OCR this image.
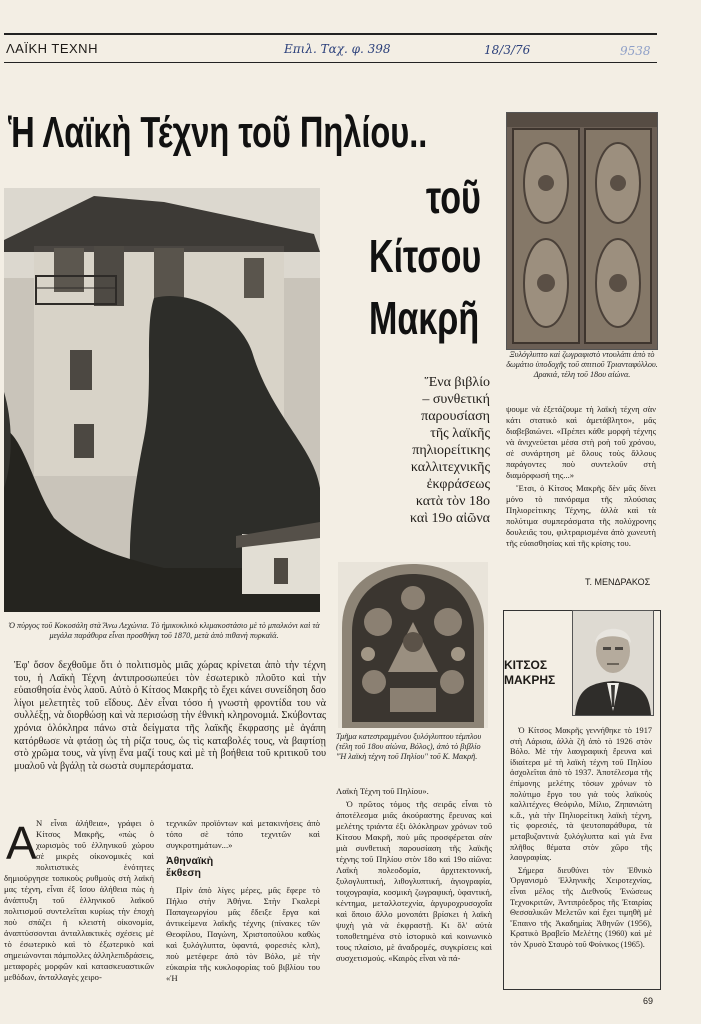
ΛΑΪΚΗ ΤΕΧΝΗ	Επιλ. Ταχ. φ. 398	18/3/76	9538
Ἡ Λαϊκὴ Τέχνη τοῦ Πηλίου..
τοῦ
Κίτσου
Μακρῆ
Ὁ πύργος τοῦ Κοκοσάλη στὰ Ἄνω Λεχώνια. Τὸ ἡμικυκλικὸ κλιμακοστάσιο μὲ τὸ μπαλκόνι καὶ τὰ μεγάλα παράθυρα εἶναι προσθήκη τοῦ 1870, μετὰ ἀπὸ πιθανὴ πυρκαϊά.
Ξυλόγλυπτο καὶ ζωγραφιστὸ ντουλάπι ἀπὸ τὸ δωμάτιο ὑποδοχῆς τοῦ σπιτιοῦ Τριανταφύλλου. Δρακιά, τέλη τοῦ 18ου αἰώνα.
Ἕνα βιβλίο
– συνθετική
παρουσίαση
τῆς λαϊκῆς
πηλιορείτικης
καλλιτεχνικῆς
ἐκφράσεως
κατὰ τὸν 18ο
καὶ 19ο αἰῶνα

ψουμε νὰ ἐξετάζουμε τὴ λαϊκὴ τέχνη σὰν κάτι στατικὸ καὶ ἀμετάβλητο», μᾶς διαβεβαιώνει. «Πρέπει κάθε μορφὴ τέχνης νὰ ἀνιχνεύεται μέσα στὴ ροὴ τοῦ χρόνου, σὲ συνάρτηση μὲ ὅλους τοὺς ἄλλους παράγοντες ποὺ συντελοῦν στὴ διαμόρφωσή της...»

Ἔτσι, ὁ Κίτσος Μακρῆς δὲν μᾶς δίνει μόνο τὸ πανόραμα τῆς πλούσιας Πηλιορείτικης Τέχνης, ἀλλὰ καὶ τὰ πολύτιμα συμπεράσματα τῆς πολύχρονης δουλειᾶς του, φιλτραρισμένα ἀπὸ χωνευτὴ τῆς εὐαισθησίας καὶ τῆς κρίσης του.

Τ. ΜΕΝΔΡΑΚΟΣ
Τμῆμα κατεστραμμένου ξυλόγλυπτου τέμπλου (τέλη τοῦ 18ου αἰώνα, Βόλος), ἀπὸ τὸ βιβλίο "Ἡ λαϊκὴ τέχνη τοῦ Πηλίου" τοῦ Κ. Μακρῆ.
Ἐφ' ὅσον δεχθοῦμε ὅτι ὁ πολιτισμὸς μιᾶς χώρας κρίνεται ἀπὸ τὴν τέχνη του, ἡ Λαϊκὴ Τέχνη ἀντιπροσωπεύει τὸν ἐσωτερικὸ πλοῦτο καὶ τὴν εὐαισθησία ἑνὸς λαοῦ. Αὐτὸ ὁ Κίτσος Μακρῆς τὸ ἔχει κάνει συνείδηση δσο λίγοι μελετητὲς τοῦ εἴδους. Δὲν εἶναι τόσο ἡ γνωστὴ φροντίδα του νὰ συλλέξῃ, νὰ διορθώσῃ καὶ νὰ περισώσῃ τὴν ἐθνικὴ κληρονομιά. Σκύβοντας χρόνια ὁλόκληρα πάνω στὰ δείγματα τῆς λαϊκῆς ἔκφρασης μὲ ἀγάπη κατόρθωσε νὰ φτάσῃ ὡς τὴ ρίζα τους, ὡς τὶς καταβολές τους, νὰ βαφτίσῃ στὸ χρῶμα τους, νὰ γίνῃ ἕνα μαζί τους καὶ μὲ τὴ βοήθεια τοῦ κριτικοῦ του μυαλοῦ νὰ βγάλῃ τὰ σωστὰ συμπεράσματα.
Α Ν εἶναι ἀλήθεια», γράφει ὁ Κίτσος Μακρῆς, «πὼς ὁ χωρισμὸς τοῦ ἑλληνικοῦ χώρου σὲ μικρὲς οἰκονομικὲς καὶ πολιτιστικὲς ἑνότητες δημιούργησε τοπικοὺς ρυθμοὺς στὴ λαϊκή μας τέχνη, εἶναι ἐξ ἴσου ἀλήθεια πὼς ἡ ἀνάπτυξη τοῦ ἑλληνικοῦ λαϊκοῦ πολιτισμοῦ συντελεῖται κυρίως τὴν ἐποχὴ ποὺ σπάζει ἡ κλειστὴ οἰκονομία, ἀναπτύσσονται ἀνταλλακτικὲς σχέσεις μὲ τὸ ἐσωτερικὸ καὶ τὸ ἐξωτερικὸ καὶ σημειώνονται πάμπολλες ἀλληλεπιδράσεις, μεταφορὲς μορφῶν καὶ κατασκευαστικῶν μεθόδων, ἀνταλλαγὲς χειρο-

τεχνικῶν προϊόντων καὶ μετακινήσεις ἀπὸ τόπο σὲ τόπο τεχνιτῶν καὶ συγκροτημάτων...»

Ἀθηναϊκὴ
ἔκθεση

Πρὶν ἀπὸ λίγες μέρες, μᾶς ἔφερε τὸ Πήλιο στὴν Ἀθήνα. Στὴν Γκαλερὶ Παπαγεωργίου μᾶς ἔδειξε ἔργα καὶ ἀντικείμενα λαϊκῆς τέχνης (πίνακες τῶν Θεοφίλου, Παγώνη, Χριστοπούλου καθὼς καὶ ξυλόγλυπτα, ὑφαντά, φορεσιὲς κλπ), ποὺ μετέφερε ἀπὸ τὸν Βόλο, μὲ τὴν εὐκαιρία τῆς κυκλοφορίας τοῦ βιβλίου του «Ἡ

Λαϊκὴ Τέχνη τοῦ Πηλίου».

Ὁ πρῶτος τόμος τῆς σειρᾶς εἶναι τὸ ἀποτέλεσμα μιᾶς ἀκούραστης ἔρευνας καὶ μελέτης τριάντα ἐξι ὁλόκληρων χρόνων τοῦ Κίτσου Μακρῆ, ποὺ μᾶς προσφέρεται σὰν μιὰ συνθετικὴ παρουσίαση τῆς λαϊκῆς τέχνης τοῦ Πηλίου στὸν 18ο καὶ 19ο αἰῶνα: Λαϊκὴ πολεοδομία, ἀρχιτεκτονική, ξυλογλυπτική, λιθογλυπτική, ἁγιογραφία, τοιχογραφία, κοσμικὴ ζωγραφική, ὑφαντική, κέντημα, μεταλλοτεχνία, ἀργυροχρυσοχοΐα καὶ ὅποιο ἄλλο μονοπάτι βρίσκει ἡ λαϊκὴ ψυχὴ γιὰ νὰ ἐκφραστῇ. Κι ὅλ' αὐτὰ τοποθετημένα στὸ ἱστορικὸ καὶ κοινωνικὸ τους πλαίσιο, μὲ ἀναδρομές, συγκρίσεις καὶ συσχετισμούς. «Καιρὸς εἶναι νὰ πά-

ΚΙΤΣΟΣ
ΜΑΚΡΗΣ

Ὁ Κίτσος Μακρῆς γεννήθηκε τὸ 1917 στὴ Λάρισα, ἀλλὰ ζῆ ἀπὸ τὸ 1926 στὸν Βόλο. Μὲ τὴν λαογραφικὴ ἔρευνα καὶ ἰδιαίτερα μὲ τὴ λαϊκὴ τέχνη τοῦ Πηλίου ἀσχολεῖται ἀπὸ τὸ 1937. Ἀποτέλεσμα τῆς ἐπίμονης μελέτης τόσων χρόνων τὸ πολύτιμο ἔργο του γιὰ τοὺς λαϊκοὺς καλλιτέχνες Θεόφιλο, Μίλιο, Ζηπανιώτη κ.ἅ., γιὰ τὴν Πηλιορείτικη λαϊκὴ τέχνη, τὶς φορεσιές, τὰ ψευτοπαράθυρα, τὰ μεταβυζαντινὰ ξυλόγλυπτα καὶ γιὰ ἕνα πλῆθος θέματα στὸν χῶρο τῆς λαογραφίας.

Σήμερα διευθύνει τὸν Ἐθνικὸ Ὀργανισμὸ Ἑλληνικῆς Χειροτεχνίας, εἶναι μέλος τῆς Διεθνοῦς Ἑνώσεως Τεχνοκριτῶν, Ἀντιπρόεδρος τῆς Ἑταιρίας Θεσσαλικῶν Μελετῶν καὶ ἔχει τιμηθῆ μὲ Ἔπαινο τῆς Ἀκαδημίας Ἀθηνῶν (1956), Κρατικὸ Βραβεῖο Μελέτης (1960) καὶ μὲ τὸν Χρυσὸ Σταυρὸ τοῦ Φοίνικος (1965).

69
